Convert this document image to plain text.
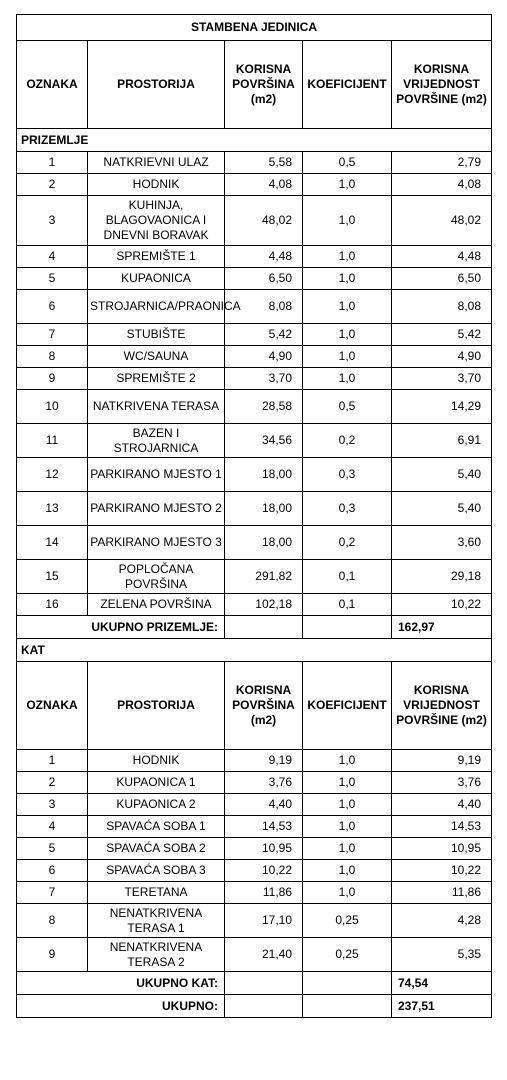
STAMBENA JEDINICA				
OZNAKA	PROSTORIJA	KORISNA POVRŠINA (m2)	KOEFICIJENT	KORISNA VRIJEDNOST POVRŠINE (m2)
PRIZEMLJE				
1	NATKRIEVNI ULAZ	5,58	0,5	2,79
2	HODNIK	4,08	1,0	4,08
3	KUHINJA, BLAGOVAONICA I DNEVNI BORAVAK	48,02	1,0	48,02
4	SPREMIŠTE 1	4,48	1,0	4,48
5	KUPAONICA	6,50	1,0	6,50
6	STROJARNICA/PRAONICA	8,08	1,0	8,08
7	STUBIŠTE	5,42	1,0	5,42
8	WC/SAUNA	4,90	1,0	4,90
9	SPREMIŠTE 2	3,70	1,0	3,70
10	NATKRIVENA TERASA	28,58	0,5	14,29
11	BAZEN I STROJARNICA	34,56	0,2	6,91
12	PARKIRANO MJESTO 1	18,00	0,3	5,40
13	PARKIRANO MJESTO 2	18,00	0,3	5,40
14	PARKIRANO MJESTO 3	18,00	0,2	3,60
15	POPLOČANA POVRŠINA	291,82	0,1	29,18
16	ZELENA POVRŠINA	102,18	0,1	10,22
UKUPNO PRIZEMLJE:				162,97
KAT				
OZNAKA	PROSTORIJA	KORISNA POVRŠINA (m2)	KOEFICIJENT	KORISNA VRIJEDNOST POVRŠINE (m2)
1	HODNIK	9,19	1,0	9,19
2	KUPAONICA 1	3,76	1,0	3,76
3	KUPAONICA 2	4,40	1,0	4,40
4	SPAVAĆA SOBA 1	14,53	1,0	14,53
5	SPAVAĆA SOBA 2	10,95	1,0	10,95
6	SPAVAĆA SOBA 3	10,22	1,0	10,22
7	TERETANA	11,86	1,0	11,86
8	NENATKRIVENA TERASA 1	17,10	0,25	4,28
9	NENATKRIVENA TERASA 2	21,40	0,25	5,35
UKUPNO KAT:				74,54
UKUPNO:				237,51
